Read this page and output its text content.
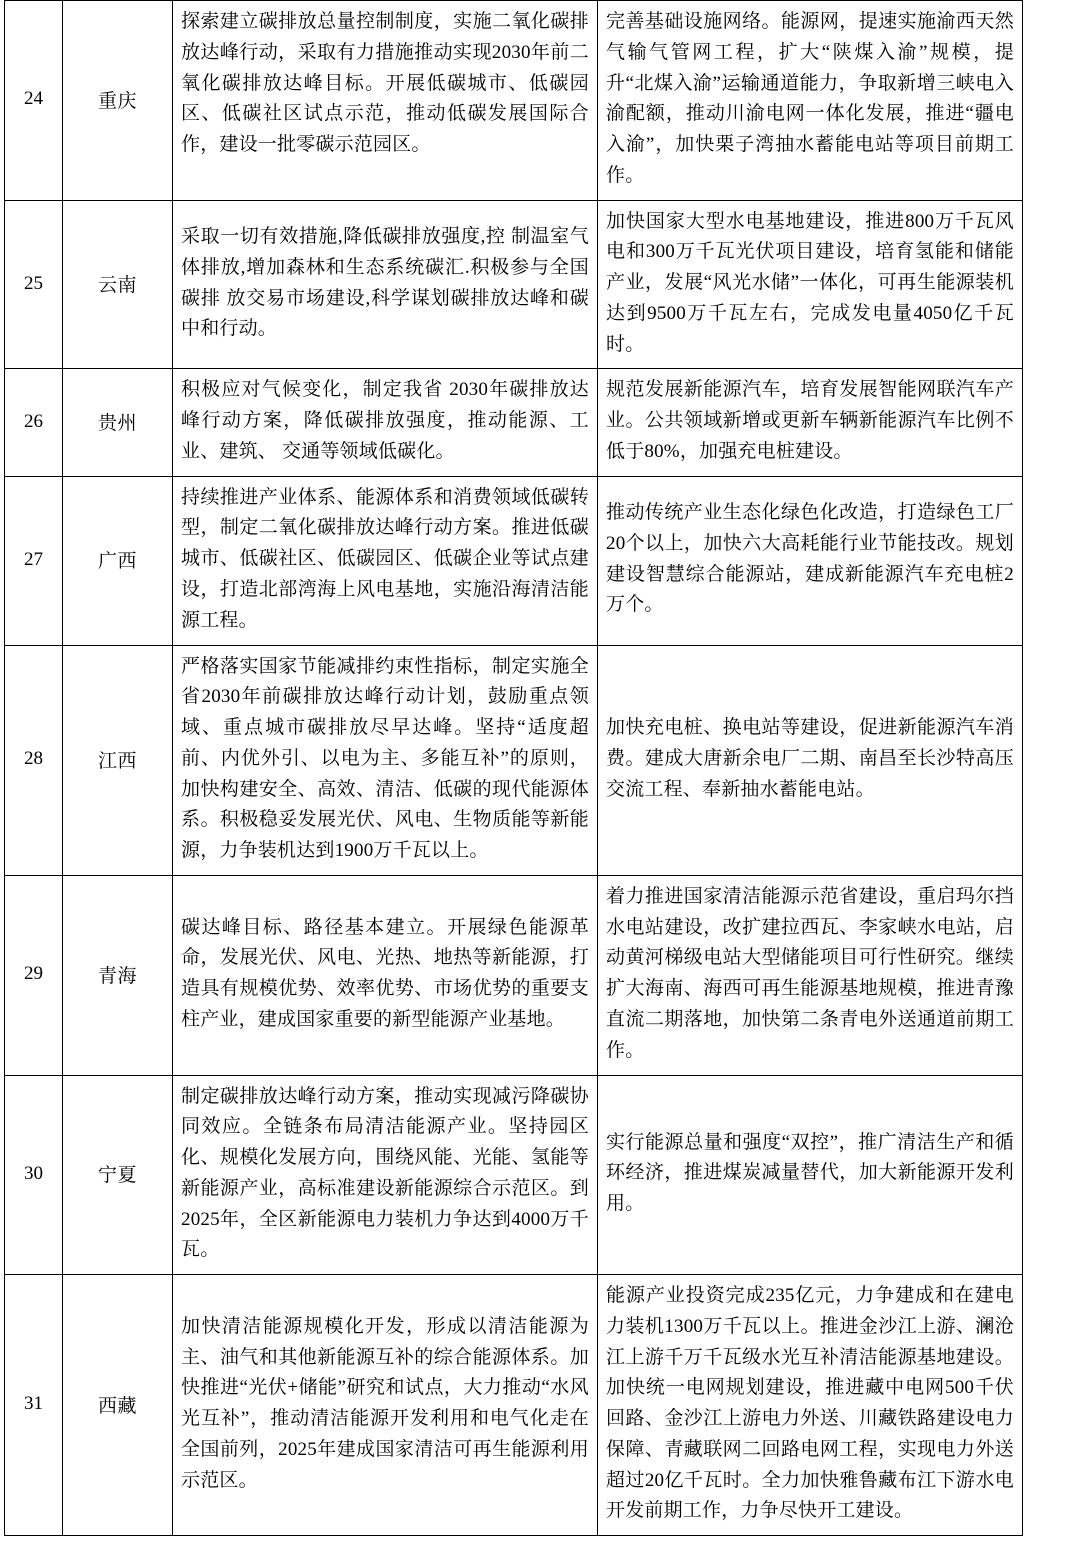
24	重庆	探索建立碳排放总量控制制度，实施二氧化碳排放达峰行动，采取有力措施推动实现2030年前二氧化碳排放达峰目标。开展低碳城市、低碳园区、低碳社区试点示范，推动低碳发展国际合作，建设一批零碳示范园区。	完善基础设施网络。能源网，提速实施渝西天然气输气管网工程，扩大“陕煤入渝”规模，提升“北煤入渝”运输通道能力，争取新增三峡电入渝配额，推动川渝电网一体化发展，推进“疆电入渝”，加快栗子湾抽水蓄能电站等项目前期工作。
25	云南	采取一切有效措施,降低碳排放强度,控 制温室气体排放,增加森林和生态系统碳汇.积极参与全国碳排 放交易市场建设,科学谋划碳排放达峰和碳中和行动。	加快国家大型水电基地建设，推进800万千瓦风电和300万千瓦光伏项目建设，培育氢能和储能产业，发展“风光水储”一体化，可再生能源装机达到9500万千瓦左右，完成发电量4050亿千瓦时。
26	贵州	积极应对气候变化，制定我省 2030年碳排放达峰行动方案，降低碳排放强度，推动能源、工业、建筑、 交通等领域低碳化。	规范发展新能源汽车，培育发展智能网联汽车产业。公共领域新增或更新车辆新能源汽车比例不低于80%，加强充电桩建设。
27	广西	持续推进产业体系、能源体系和消费领域低碳转型，制定二氧化碳排放达峰行动方案。推进低碳城市、低碳社区、低碳园区、低碳企业等试点建设，打造北部湾海上风电基地，实施沿海清洁能源工程。	推动传统产业生态化绿色化改造，打造绿色工厂20个以上，加快六大高耗能行业节能技改。规划建设智慧综合能源站，建成新能源汽车充电桩2万个。
28	江西	严格落实国家节能减排约束性指标，制定实施全省2030年前碳排放达峰行动计划，鼓励重点领域、重点城市碳排放尽早达峰。坚持“适度超前、内优外引、以电为主、多能互补”的原则，加快构建安全、高效、清洁、低碳的现代能源体系。积极稳妥发展光伏、风电、生物质能等新能源，力争装机达到1900万千瓦以上。	加快充电桩、换电站等建设，促进新能源汽车消费。建成大唐新余电厂二期、南昌至长沙特高压交流工程、奉新抽水蓄能电站。
29	青海	碳达峰目标、路径基本建立。开展绿色能源革命，发展光伏、风电、光热、地热等新能源，打造具有规模优势、效率优势、市场优势的重要支柱产业，建成国家重要的新型能源产业基地。	着力推进国家清洁能源示范省建设，重启玛尔挡水电站建设，改扩建拉西瓦、李家峡水电站，启动黄河梯级电站大型储能项目可行性研究。继续扩大海南、海西可再生能源基地规模，推进青豫直流二期落地，加快第二条青电外送通道前期工作。
30	宁夏	制定碳排放达峰行动方案，推动实现减污降碳协同效应。全链条布局清洁能源产业。坚持园区化、规模化发展方向，围绕风能、光能、氢能等新能源产业，高标准建设新能源综合示范区。到2025年，全区新能源电力装机力争达到4000万千瓦。	实行能源总量和强度“双控”，推广清洁生产和循环经济，推进煤炭减量替代，加大新能源开发利用。
31	西藏	加快清洁能源规模化开发，形成以清洁能源为主、油气和其他新能源互补的综合能源体系。加快推进“光伏+储能”研究和试点，大力推动“水风光互补”，推动清洁能源开发利用和电气化走在全国前列，2025年建成国家清洁可再生能源利用示范区。	能源产业投资完成235亿元，力争建成和在建电力装机1300万千瓦以上。推进金沙江上游、澜沧江上游千万千瓦级水光互补清洁能源基地建设。加快统一电网规划建设，推进藏中电网500千伏回路、金沙江上游电力外送、川藏铁路建设电力保障、青藏联网二回路电网工程，实现电力外送超过20亿千瓦时。全力加快雅鲁藏布江下游水电开发前期工作，力争尽快开工建设。
